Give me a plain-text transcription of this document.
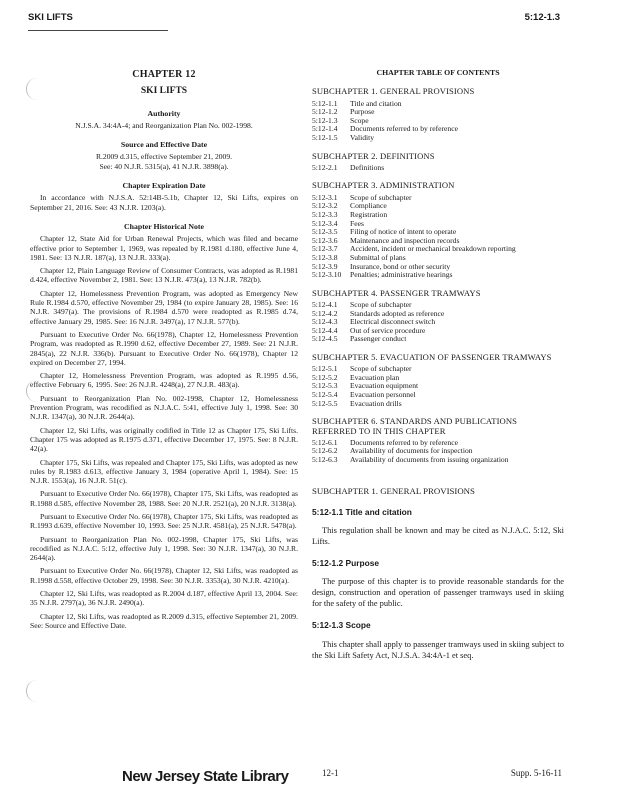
SKI LIFTS	5:12-1.3
CHAPTER 12
SKI LIFTS
Authority

N.J.S.A. 34:4A-4; and Reorganization Plan No. 002-1998.

Source and Effective Date

R.2009 d.315, effective September 21, 2009.

See: 40 N.J.R. 5315(a), 41 N.J.R. 3898(a).

Chapter Expiration Date

In accordance with N.J.S.A. 52:14B-5.1b, Chapter 12, Ski Lifts, expires on September 21, 2016. See: 43 N.J.R. 1203(a).

Chapter Historical Note

Chapter 12, State Aid for Urban Renewal Projects, which was filed and became effective prior to September 1, 1969, was repealed by R.1981 d.180, effective June 4, 1981. See: 13 N.J.R. 187(a), 13 N.J.R. 333(a).

Chapter 12, Plain Language Review of Consumer Contracts, was adopted as R.1981 d.424, effective November 2, 1981. See: 13 N.J.R. 473(a), 13 N.J.R. 782(b).

Chapter 12, Homelessness Prevention Program, was adopted as Emergency New Rule R.1984 d.570, effective November 29, 1984 (to expire January 28, 1985). See: 16 N.J.R. 3497(a). The provisions of R.1984 d.570 were readopted as R.1985 d.74, effective January 29, 1985. See: 16 N.J.R. 3497(a), 17 N.J.R. 577(b).

Pursuant to Executive Order No. 66(1978), Chapter 12, Homelessness Prevention Program, was readopted as R.1990 d.62, effective December 27, 1989. See: 21 N.J.R. 2845(a), 22 N.J.R. 336(b). Pursuant to Executive Order No. 66(1978), Chapter 12 expired on December 27, 1994.

Chapter 12, Homelessness Prevention Program, was adopted as R.1995 d.56, effective February 6, 1995. See: 26 N.J.R. 4248(a), 27 N.J.R. 483(a).

Pursuant to Reorganization Plan No. 002-1998, Chapter 12, Homelessness Prevention Program, was recodified as N.J.A.C. 5:41, effective July 1, 1998. See: 30 N.J.R. 1347(a), 30 N.J.R. 2644(a).

Chapter 12, Ski Lifts, was originally codified in Title 12 as Chapter 175, Ski Lifts. Chapter 175 was adopted as R.1975 d.371, effective December 17, 1975. See: 8 N.J.R. 42(a).

Chapter 175, Ski Lifts, was repealed and Chapter 175, Ski Lifts, was adopted as new rules by R.1983 d.613, effective January 3, 1984 (operative April 1, 1984). See: 15 N.J.R. 1553(a), 16 N.J.R. 51(c).

Pursuant to Executive Order No. 66(1978), Chapter 175, Ski Lifts, was readopted as R.1988 d.585, effective November 28, 1988. See: 20 N.J.R. 2521(a), 20 N.J.R. 3138(a).

Pursuant to Executive Order No. 66(1978), Chapter 175, Ski Lifts, was readopted as R.1993 d.639, effective November 10, 1993. See: 25 N.J.R. 4581(a), 25 N.J.R. 5478(a).

Pursuant to Reorganization Plan No. 002-1998, Chapter 175, Ski Lifts, was recodified as N.J.A.C. 5:12, effective July 1, 1998. See: 30 N.J.R. 1347(a), 30 N.J.R. 2644(a).

Pursuant to Executive Order No. 66(1978), Chapter 12, Ski Lifts, was readopted as R.1998 d.558, effective October 29, 1998. See: 30 N.J.R. 3353(a), 30 N.J.R. 4210(a).

Chapter 12, Ski Lifts, was readopted as R.2004 d.187, effective April 13, 2004. See: 35 N.J.R. 2797(a), 36 N.J.R. 2490(a).

Chapter 12, Ski Lifts, was readopted as R.2009 d.315, effective September 21, 2009. See: Source and Effective Date.

CHAPTER TABLE OF CONTENTS
SUBCHAPTER 1. GENERAL PROVISIONS
5:12-1.1	Title and citation
5:12-1.2	Purpose
5:12-1.3	Scope
5:12-1.4	Documents referred to by reference
5:12-1.5	Validity
SUBCHAPTER 2. DEFINITIONS
5:12-2.1	Definitions
SUBCHAPTER 3. ADMINISTRATION
5:12-3.1	Scope of subchapter
5:12-3.2	Compliance
5:12-3.3	Registration
5:12-3.4	Fees
5:12-3.5	Filing of notice of intent to operate
5:12-3.6	Maintenance and inspection records
5:12-3.7	Accident, incident or mechanical breakdown reporting
5:12-3.8	Submittal of plans
5:12-3.9	Insurance, bond or other security
5:12-3.10	Penalties; administrative hearings
SUBCHAPTER 4. PASSENGER TRAMWAYS
5:12-4.1	Scope of subchapter
5:12-4.2	Standards adopted as reference
5:12-4.3	Electrical disconnect switch
5:12-4.4	Out of service procedure
5:12-4.5	Passenger conduct
SUBCHAPTER 5. EVACUATION OF PASSENGER TRAMWAYS
5:12-5.1	Scope of subchapter
5:12-5.2	Evacuation plan
5:12-5.3	Evacuation equipment
5:12-5.4	Evacuation personnel
5:12-5.5	Evacuation drills
SUBCHAPTER 6. STANDARDS AND PUBLICATIONS REFERRED TO IN THIS CHAPTER
5:12-6.1	Documents referred to by reference
5:12-6.2	Availability of documents for inspection
5:12-6.3	Availability of documents from issuing organization
SUBCHAPTER 1. GENERAL PROVISIONS
5:12-1.1 Title and citation

This regulation shall be known and may be cited as N.J.A.C. 5:12, Ski Lifts.

5:12-1.2 Purpose

The purpose of this chapter is to provide reasonable standards for the design, construction and operation of passenger tramways used in skiing for the safety of the public.

5:12-1.3 Scope

This chapter shall apply to passenger tramways used in skiing subject to the Ski Lift Safety Act, N.J.S.A. 34:4A-1 et seq.

New Jersey State Library	12-1	Supp. 5-16-11
